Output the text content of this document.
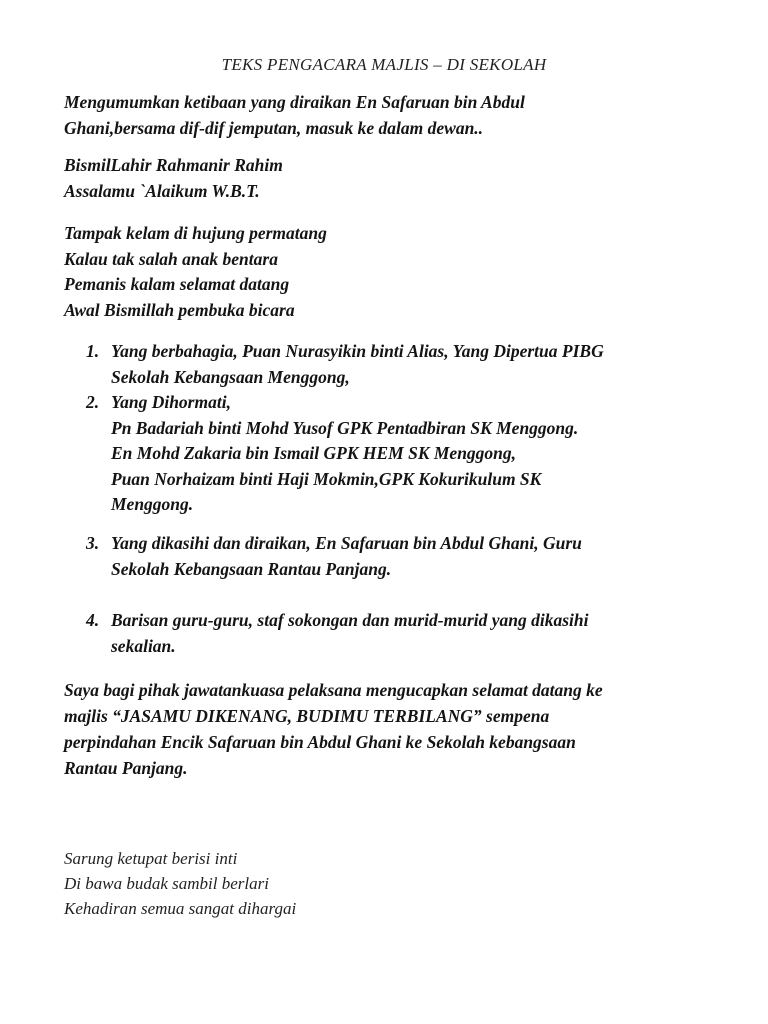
TEKS PENGACARA MAJLIS – DI SEKOLAH

Mengumumkan ketibaan yang diraikan En Safaruan bin Abdul

Ghani,bersama dif-dif jemputan, masuk ke dalam dewan..

BismilLahir Rahmanir Rahim

Assalamu `Alaikum W.B.T.

Tampak kelam di hujung permatang

Kalau tak salah anak bentara

Pemanis kalam selamat datang

Awal Bismillah pembuka bicara

1. Yang berbahagia, Puan Nurasyikin binti Alias, Yang Dipertua PIBG
Sekolah Kebangsaan Menggong,
2. Yang Dihormati,
Pn Badariah binti Mohd Yusof GPK Pentadbiran SK Menggong.
En Mohd Zakaria bin Ismail GPK HEM SK Menggong,
Puan Norhaizam binti Haji Mokmin,GPK Kokurikulum SK
Menggong.
3. Yang dikasihi dan diraikan, En Safaruan bin Abdul Ghani, Guru
Sekolah Kebangsaan Rantau Panjang.
4. Barisan guru-guru, staf sokongan dan murid-murid yang dikasihi
sekalian.

Saya bagi pihak jawatankuasa pelaksana mengucapkan selamat datang ke

majlis “JASAMU DIKENANG, BUDIMU TERBILANG” sempena

perpindahan Encik Safaruan bin Abdul Ghani ke Sekolah kebangsaan

Rantau Panjang.

Sarung ketupat berisi inti

Di bawa budak sambil berlari

Kehadiran semua sangat dihargai
